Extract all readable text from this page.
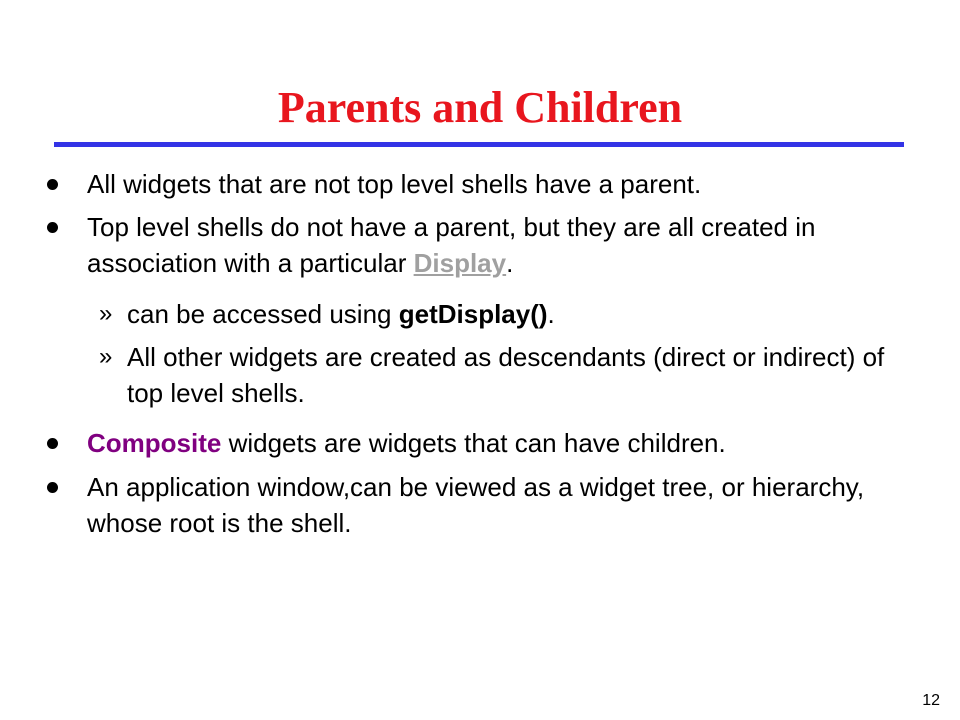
Parents and Children
All widgets that are not top level shells have a parent.
Top level shells do not have a parent, but they are all created in association with a particular Display.
» can be accessed using getDisplay().
» All other widgets are created as descendants (direct or indirect) of top level shells.
Composite widgets are widgets that can have children.
An application window,can be viewed as a widget tree, or hierarchy, whose root is the shell.
12
